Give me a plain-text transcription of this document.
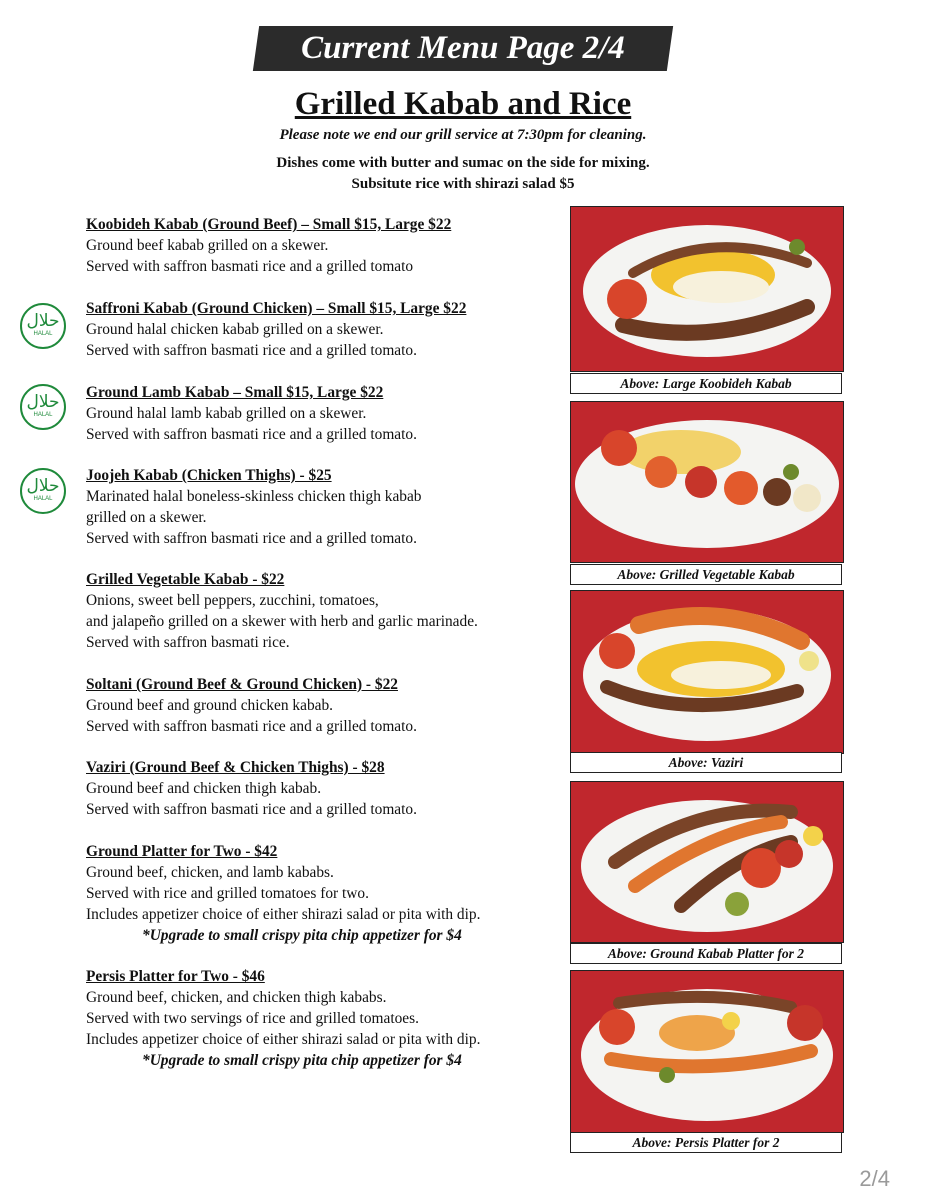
Current Menu Page 2/4
Grilled Kabab and Rice
Please note we end our grill service at 7:30pm for cleaning.
Dishes come with butter and sumac on the side for mixing.
Subsitute rice with shirazi salad $5
حلال
HALAL
حلال
HALAL
حلال
HALAL
Koobideh Kabab (Ground Beef) – Small $15, Large $22
Ground beef kabab grilled on a skewer.
Served with saffron basmati rice and a grilled tomato
Saffroni Kabab (Ground Chicken) – Small $15, Large $22
Ground halal chicken kabab grilled on a skewer.
Served with saffron basmati rice and a grilled tomato.
Ground Lamb Kabab – Small $15, Large $22
Ground halal lamb kabab grilled on a skewer.
Served with saffron basmati rice and a grilled tomato.
Joojeh Kabab (Chicken Thighs) - $25
Marinated halal boneless-skinless chicken thigh kabab
grilled on a skewer.
Served with saffron basmati rice and a grilled tomato.
Grilled Vegetable Kabab - $22
Onions, sweet bell peppers, zucchini, tomatoes,
and jalapeño grilled on a skewer with herb and garlic marinade.
Served with saffron basmati rice.
Soltani (Ground Beef & Ground Chicken) - $22
Ground beef and ground chicken kabab.
Served with saffron basmati rice and a grilled tomato.
Vaziri (Ground Beef & Chicken Thighs) - $28
Ground beef and chicken thigh kabab.
Served with saffron basmati rice and a grilled tomato.
Ground Platter for Two - $42
Ground beef, chicken, and lamb kababs.
Served with rice and grilled tomatoes for two.
Includes appetizer choice of either shirazi salad or pita with dip.
*Upgrade to small crispy pita chip appetizer for $4
Persis Platter for Two - $46
Ground beef, chicken, and chicken thigh kababs.
Served with two servings of rice and grilled tomatoes.
Includes appetizer choice of either shirazi salad or pita with dip.
*Upgrade to small crispy pita chip appetizer for $4
Above: Large Koobideh Kabab
Above: Grilled Vegetable Kabab
Above: Vaziri
Above: Ground Kabab Platter for 2
Above: Persis Platter for 2
2/4
